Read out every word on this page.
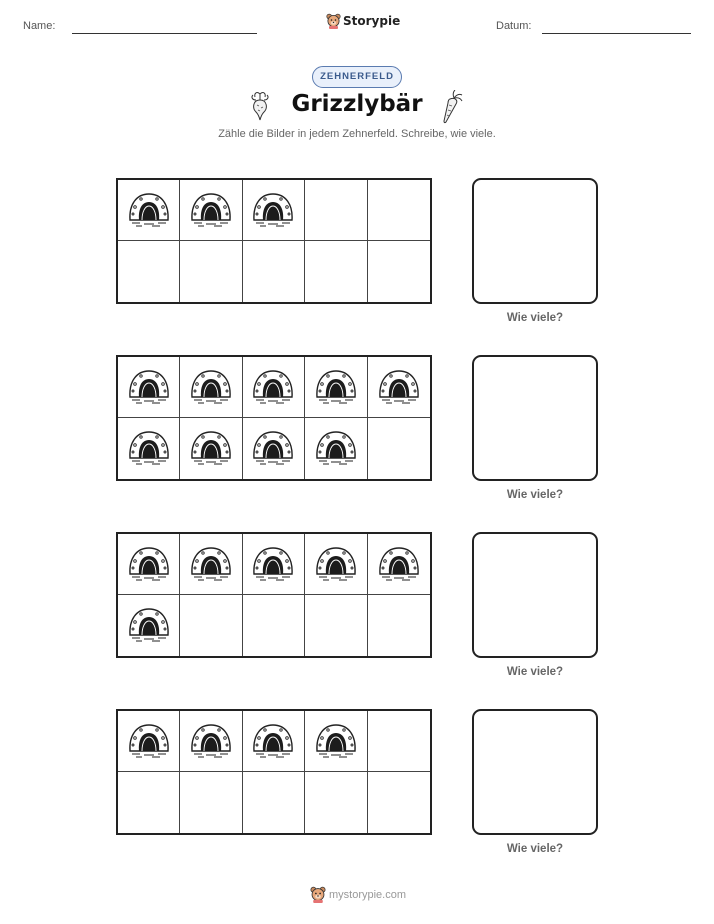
Name:	Storypie	Datum:
ZEHNERFELD
Grizzlybär
Zähle die Bilder in jedem Zehnerfeld. Schreibe, wie viele.
Wie viele?
Wie viele?
Wie viele?
Wie viele?
mystorypie.com
